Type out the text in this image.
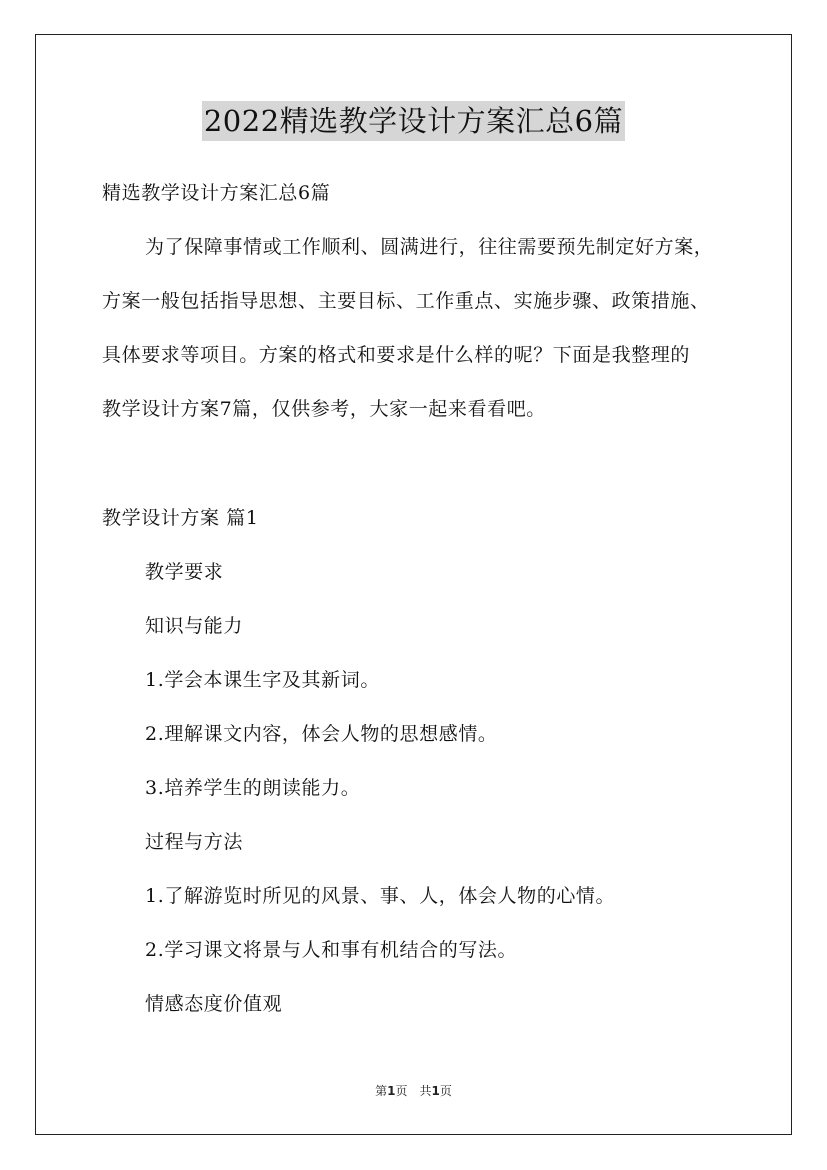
2022精选教学设计方案汇总6篇
精选教学设计方案汇总6篇
为了保障事情或工作顺利、圆满进行，往往需要预先制定好方案，
方案一般包括指导思想、主要目标、工作重点、实施步骤、政策措施、
具体要求等项目。方案的格式和要求是什么样的呢？下面是我整理的
教学设计方案7篇，仅供参考，大家一起来看看吧。
教学设计方案 篇1
教学要求
知识与能力
1.学会本课生字及其新词。
2.理解课文内容，体会人物的思想感情。
3.培养学生的朗读能力。
过程与方法
1.了解游览时所见的风景、事、人，体会人物的心情。
2.学习课文将景与人和事有机结合的写法。
情感态度价值观
第1页　共1页
